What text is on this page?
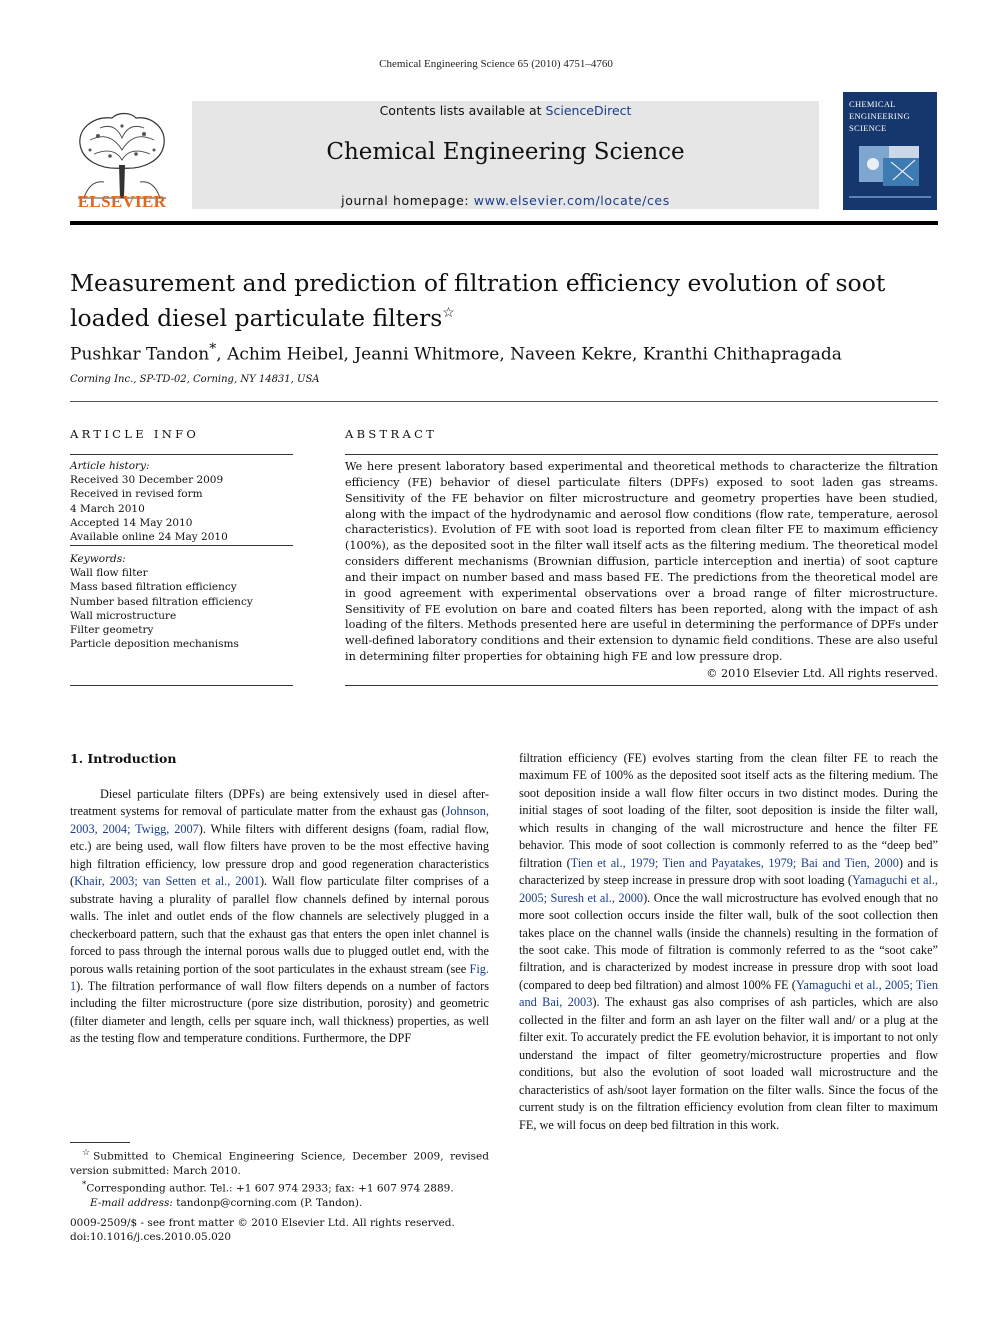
Chemical Engineering Science 65 (2010) 4751–4760
ELSEVIER
Contents lists available at ScienceDirect
Chemical Engineering Science
journal homepage: www.elsevier.com/locate/ces
CHEMICAL ENGINEERING SCIENCE
Measurement and prediction of filtration efficiency evolution of soot loaded diesel particulate filters☆
Pushkar Tandon*, Achim Heibel, Jeanni Whitmore, Naveen Kekre, Kranthi Chithapragada
Corning Inc., SP-TD-02, Corning, NY 14831, USA
ARTICLE INFO	ABSTRACT
Article history:
Received 30 December 2009
Received in revised form
4 March 2010
Accepted 14 May 2010
Available online 24 May 2010
Keywords:
Wall flow filter
Mass based filtration efficiency
Number based filtration efficiency
Wall microstructure
Filter geometry
Particle deposition mechanisms
We here present laboratory based experimental and theoretical methods to characterize the filtration efficiency (FE) behavior of diesel particulate filters (DPFs) exposed to soot laden gas streams. Sensitivity of the FE behavior on filter microstructure and geometry properties have been studied, along with the impact of the hydrodynamic and aerosol flow conditions (flow rate, temperature, aerosol characteristics). Evolution of FE with soot load is reported from clean filter FE to maximum efficiency (100%), as the deposited soot in the filter wall itself acts as the filtering medium. The theoretical model considers different mechanisms (Brownian diffusion, particle interception and inertia) of soot capture and their impact on number based and mass based FE. The predictions from the theoretical model are in good agreement with experimental observations over a broad range of filter microstructure. Sensitivity of FE evolution on bare and coated filters has been reported, along with the impact of ash loading of the filters. Methods presented here are useful in determining the performance of DPFs under well-defined laboratory conditions and their extension to dynamic field conditions. These are also useful in determining filter properties for obtaining high FE and low pressure drop.
© 2010 Elsevier Ltd. All rights reserved.
1. Introduction
Diesel particulate filters (DPFs) are being extensively used in diesel after-treatment systems for removal of particulate matter from the exhaust gas (Johnson, 2003, 2004; Twigg, 2007). While filters with different designs (foam, radial flow, etc.) are being used, wall flow filters have proven to be the most effective having high filtration efficiency, low pressure drop and good regeneration characteristics (Khair, 2003; van Setten et al., 2001). Wall flow particulate filter comprises of a substrate having a plurality of parallel flow channels defined by internal porous walls. The inlet and outlet ends of the flow channels are selectively plugged in a checkerboard pattern, such that the exhaust gas that enters the open inlet channel is forced to pass through the internal porous walls due to plugged outlet end, with the porous walls retaining portion of the soot particulates in the exhaust stream (see Fig. 1). The filtration performance of wall flow filters depends on a number of factors including the filter microstructure (pore size distribution, porosity) and geometric (filter diameter and length, cells per square inch, wall thickness) properties, as well as the testing flow and temperature conditions. Furthermore, the DPF
filtration efficiency (FE) evolves starting from the clean filter FE to reach the maximum FE of 100% as the deposited soot itself acts as the filtering medium. The soot deposition inside a wall flow filter occurs in two distinct modes. During the initial stages of soot loading of the filter, soot deposition is inside the filter wall, which results in changing of the wall microstructure and hence the filter FE behavior. This mode of soot collection is commonly referred to as the “deep bed” filtration (Tien et al., 1979; Tien and Payatakes, 1979; Bai and Tien, 2000) and is characterized by steep increase in pressure drop with soot loading (Yamaguchi et al., 2005; Suresh et al., 2000). Once the wall microstructure has evolved enough that no more soot collection occurs inside the filter wall, bulk of the soot collection then takes place on the channel walls (inside the channels) resulting in the formation of the soot cake. This mode of filtration is commonly referred to as the “soot cake” filtration, and is characterized by modest increase in pressure drop with soot load (compared to deep bed filtration) and almost 100% FE (Yamaguchi et al., 2005; Tien and Bai, 2003). The exhaust gas also comprises of ash particles, which are also collected in the filter and form an ash layer on the filter wall and/ or a plug at the filter exit. To accurately predict the FE evolution behavior, it is important to not only understand the impact of filter geometry/microstructure properties and flow conditions, but also the evolution of soot loaded wall microstructure and the characteristics of ash/soot layer formation on the filter walls. Since the focus of the current study is on the filtration efficiency evolution from clean filter to maximum FE, we will focus on deep bed filtration in this work.
☆Submitted to Chemical Engineering Science, December 2009, revised version submitted: March 2010.
*Corresponding author. Tel.: +1 607 974 2933; fax: +1 607 974 2889.
E-mail address: tandonp@corning.com (P. Tandon).
0009-2509/$ - see front matter © 2010 Elsevier Ltd. All rights reserved.
doi:10.1016/j.ces.2010.05.020
